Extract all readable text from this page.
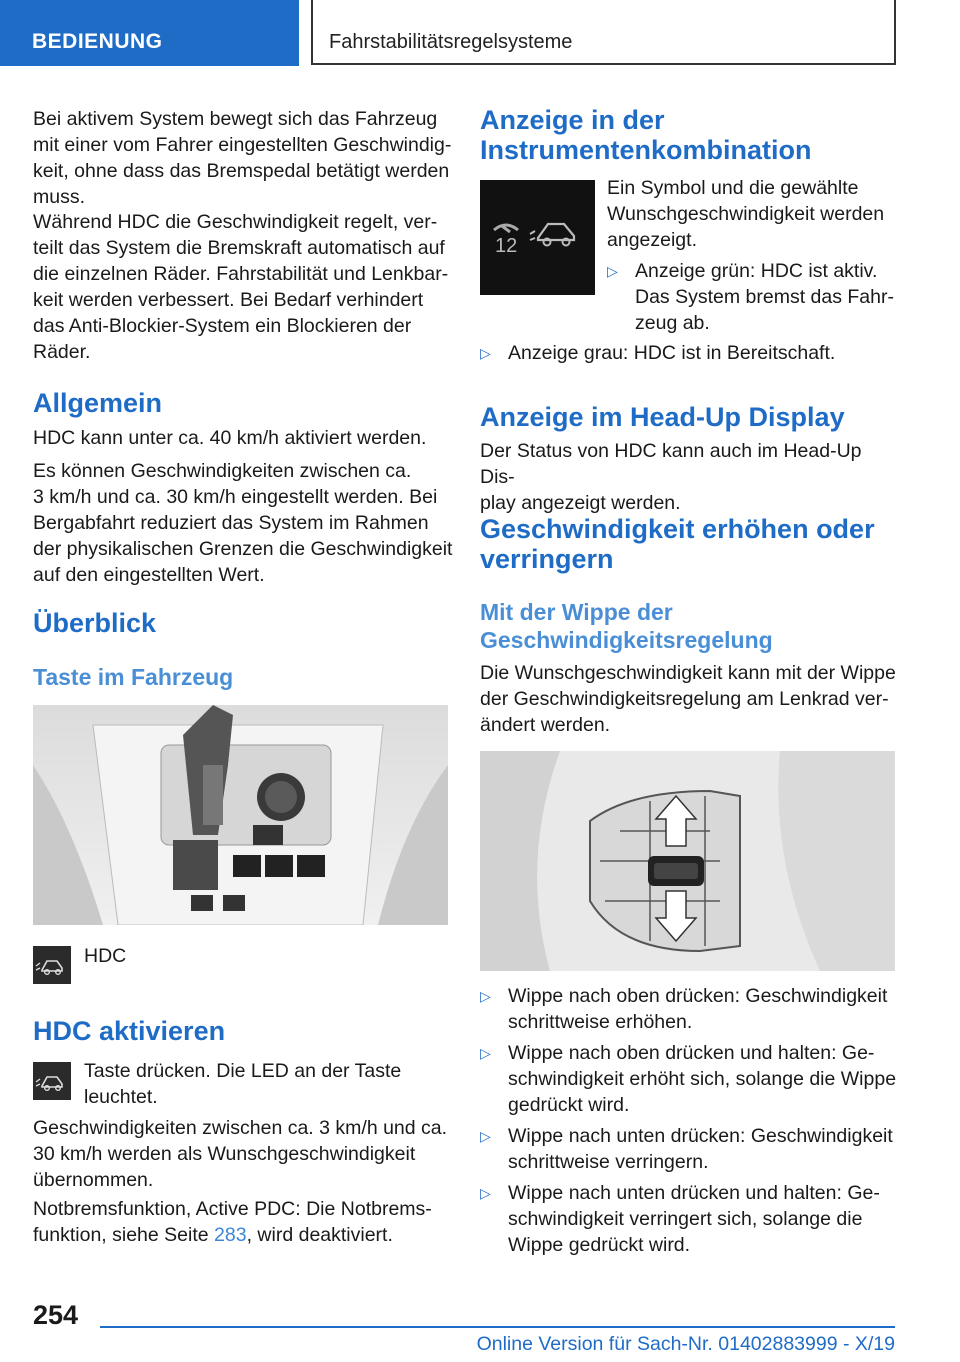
BEDIENUNG	Fahrstabilitätsregelsysteme

Bei aktivem System bewegt sich das Fahrzeug

mit einer vom Fahrer eingestellten Geschwindig‐

keit, ohne dass das Bremspedal betätigt werden

muss.

Während HDC die Geschwindigkeit regelt, ver‐

teilt das System die Bremskraft automatisch auf

die einzelnen Räder. Fahrstabilität und Lenkbar‐

keit werden verbessert. Bei Bedarf verhindert

das Anti-Blockier-System ein Blockieren der

Räder.

Allgemein

HDC kann unter ca. 40 km/h aktiviert werden.

Es können Geschwindigkeiten zwischen ca.

3 km/h und ca. 30 km/h eingestellt werden. Bei

Bergabfahrt reduziert das System im Rahmen

der physikalischen Grenzen die Geschwindigkeit

auf den eingestellten Wert.

Überblick
Taste im Fahrzeug

HDC

HDC aktivieren

Taste drücken. Die LED an der Taste

leuchtet.

Geschwindigkeiten zwischen ca. 3 km/h und ca.

30 km/h werden als Wunschgeschwindigkeit

übernommen.

Notbremsfunktion, Active PDC: Die Notbrems‐

funktion, siehe Seite 283, wird deaktiviert.

Anzeige in der
Instrumentenkombination
12

Ein Symbol und die gewählte

Wunschgeschwindigkeit werden

angezeigt.

▷ Anzeige grün: HDC ist aktiv.
Das System bremst das Fahr‐
zeug ab.
▷ Anzeige grau: HDC ist in Bereitschaft.
Anzeige im Head-Up Display

Der Status von HDC kann auch im Head-Up Dis‐

play angezeigt werden.

Geschwindigkeit erhöhen oder
verringern
Mit der Wippe der
Geschwindigkeitsregelung

Die Wunschgeschwindigkeit kann mit der Wippe

der Geschwindigkeitsregelung am Lenkrad ver‐

ändert werden.

▷ Wippe nach oben drücken: Geschwindigkeit
schrittweise erhöhen.
▷ Wippe nach oben drücken und halten: Ge‐
schwindigkeit erhöht sich, solange die Wippe
gedrückt wird.
▷ Wippe nach unten drücken: Geschwindigkeit
schrittweise verringern.
▷ Wippe nach unten drücken und halten: Ge‐
schwindigkeit verringert sich, solange die
Wippe gedrückt wird.
254
Online Version für Sach-Nr. 01402883999 - X/19
